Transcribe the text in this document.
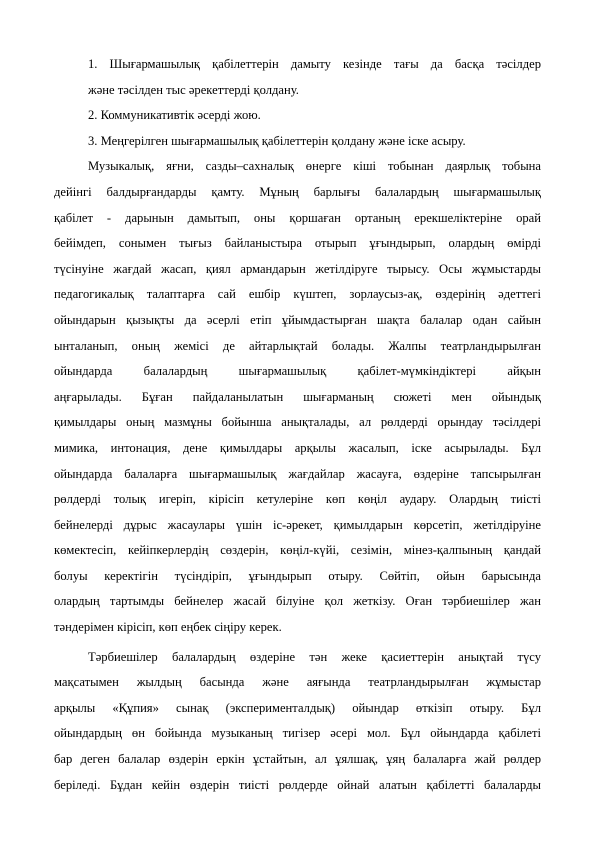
1. Шығармашылық қабілеттерін дамыту кезінде тағы да басқа тәсілдер
және тәсілден тыс әрекеттерді қолдану.
2. Коммуникативтік әсерді жою.
3. Меңгерілген шығармашылық қабілеттерін қолдану және іске асыру.
Музыкалық, яғни, сазды–сахналық өнерге кіші тобынан даярлық тобына
дейінгі балдырғандарды қамту. Мұның барлығы балалардың шығармашылық
қабілет - дарынын дамытып, оны қоршаған ортаның ерекшеліктеріне орай
бейімдеп, сонымен тығыз байланыстыра отырып ұғындырып, олардың өмірді
түсінуіне жағдай жасап, қиял армандарын жетілдіруге тырысу. Осы жұмыстарды
педагогикалық талаптарға сай ешбір күштеп, зорлаусыз-ақ, өздерінің әдеттегі
ойындарын қызықты да әсерлі етіп ұйымдастырған шақта балалар одан сайын
ынталанып, оның жемісі де айтарлықтай болады. Жалпы театрландырылған
ойындарда балалардың шығармашылық қабілет-мүмкіндіктері айқын
аңғарылады. Бұған пайдаланылатын шығарманың сюжеті мен ойындық
қимылдары оның мазмұны бойынша анықталады, ал рөлдерді орындау тәсілдері
мимика, интонация, дене қимылдары арқылы жасалып, іске асырылады. Бұл
ойындарда балаларға шығармашылық жағдайлар жасауға, өздеріне тапсырылған
рөлдерді толық игеріп, кірісіп кетулеріне көп көңіл аудару. Олардың тиісті
бейнелерді дұрыс жасаулары үшін іс-әрекет, қимылдарын көрсетіп, жетілдіруіне
көмектесіп, кейіпкерлердің сөздерін, көңіл-күйі, сезімін, мінез-қалпының қандай
болуы керектігін түсіндіріп, ұғындырып отыру. Сөйтіп, ойын барысында
олардың тартымды бейнелер жасай білуіне қол жеткізу. Оған тәрбиешілер жан
тәндерімен кірісіп, көп еңбек сіңіру керек.
Тәрбиешілер балалардың өздеріне тән жеке қасиеттерін анықтай түсу
мақсатымен жылдың басында және аяғында театрландырылған жұмыстар
арқылы «Құпия» сынақ (эксперименталдық) ойындар өткізіп отыру. Бұл
ойындардың өн бойында музыканың тигізер әсері мол. Бұл ойындарда қабілеті
бар деген балалар өздерін еркін ұстайтын, ал ұялшақ, ұяң балаларға жай рөлдер
беріледі. Бұдан кейін өздерін тиісті рөлдерде ойнай алатын қабілетті балаларды
